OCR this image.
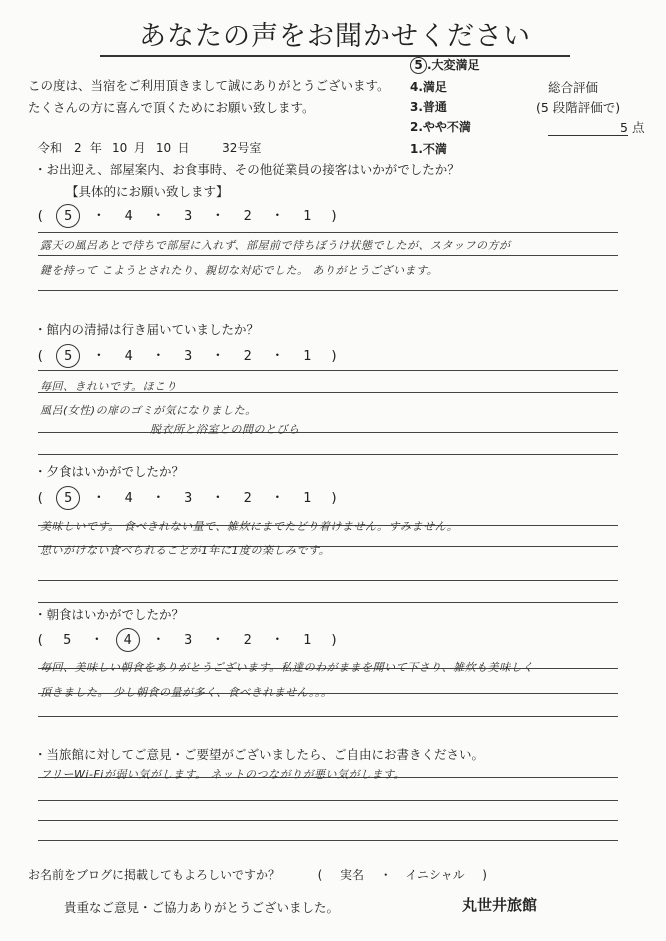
あなたの声をお聞かせください
この度は、当宿をご利用頂きまして誠にありがとうございます。
たくさんの方に喜んで頂くためにお願い致します。
5 .大変満足
4.満足
3.普通
2.やや不満
1.不満
総合評価
(5 段階評価で)
5 点
令和 2 年 10 月 10 日	32号室
・お出迎え、部屋案内、お食事時、その他従業員の接客はいかがでしたか？
【具体的にお願い致します】
( 5 ・ 4 ・ 3 ・ 2 ・ 1 )
露天の風呂あとで待ちで部屋に入れず、部屋前で待ちぼうけ状態でしたが、スタッフの方が
鍵を持って こようとされたり、親切な対応でした。 ありがとうございます。
・館内の清掃は行き届いていましたか？
( 5 ・ 4 ・ 3 ・ 2 ・ 1 )
毎回、きれいです。ほこり
風呂(女性)の扉のゴミが気になりました。
脱衣所と浴室との間のとびら
・夕食はいかがでしたか？
( 5 ・ 4 ・ 3 ・ 2 ・ 1 )
美味しいです。 食べきれない量で、雑炊にまでたどり着けません。すみません。
思いがけない食べられることが1年に1度の楽しみです。
・朝食はいかがでしたか？
( 5 ・ 4 ・ 3 ・ 2 ・ 1 )
毎回、美味しい朝食をありがとうございます。私達のわがままを聞いて下さり、雑炊も美味しく
頂きました。 少し朝食の量が多く、食べきれません。。。
・当旅館に対してご意見・ご要望がございましたら、ご自由にお書きください。
フリーWi-Fiが弱い気がします。 ネットのつながりが悪い気がします。
お名前をブログに掲載してもよろしいですか？	( 実名 ・ イニシャル )
貴重なご意見・ご協力ありがとうございました。	丸世井旅館
